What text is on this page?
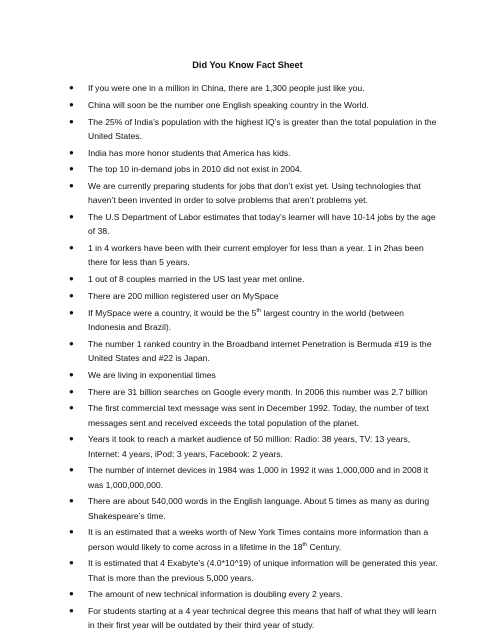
Did You Know Fact Sheet
● If you were one in a million in China, there are 1,300 people just like you.
● China will soon be the number one English speaking country in the World.
● The 25% of India’s population with the highest IQ’s is greater than the total population in the United States.
● India has more honor students that America has kids.
● The top 10 in-demand jobs in 2010 did not exist in 2004.
● We are currently preparing students for jobs that don’t exist yet. Using technologies that haven’t been invented in order to solve problems that aren’t problems yet.
● The U.S Department of Labor estimates that today’s learner will have 10-14 jobs by the age of 38.
● 1 in 4 workers have been with their current employer for less than a year. 1 in 2has been there for less than 5 years.
● 1 out of 8 couples married in the US last year met online.
● There are 200 million registered user on MySpace
● If MySpace were a country, it would be the 5th largest country in the world (between Indonesia and Brazil).
● The number 1 ranked country in the Broadband internet Penetration is Bermuda #19 is the United States and #22 is Japan.
● We are living in exponential times
● There are 31 billion searches on Google every month. In 2006 this number was 2.7 billion
● The first commercial text message was sent in December 1992. Today, the number of text messages sent and received exceeds the total population of the planet.
● Years it took to reach a market audience of 50 million: Radio: 38 years, TV: 13 years, Internet: 4 years, iPod: 3 years, Facebook: 2 years.
● The number of internet devices in 1984 was 1,000 in 1992 it was 1,000,000 and in 2008 it was 1,000,000,000.
● There are about 540,000 words in the English language. About 5 times as many as during Shakespeare’s time.
● It is an estimated that a weeks worth of New York Times contains more information than a person would likely to come across in a lifetime in the 18th Century.
● It is estimated that 4 Exabyte’s (4.0*10^19) of unique information will be generated this year. That is more than the previous 5,000 years.
● The amount of new technical information is doubling every 2 years.
● For students starting at a 4 year technical degree this means that half of what they will learn in their first year will be outdated by their third year of study.
